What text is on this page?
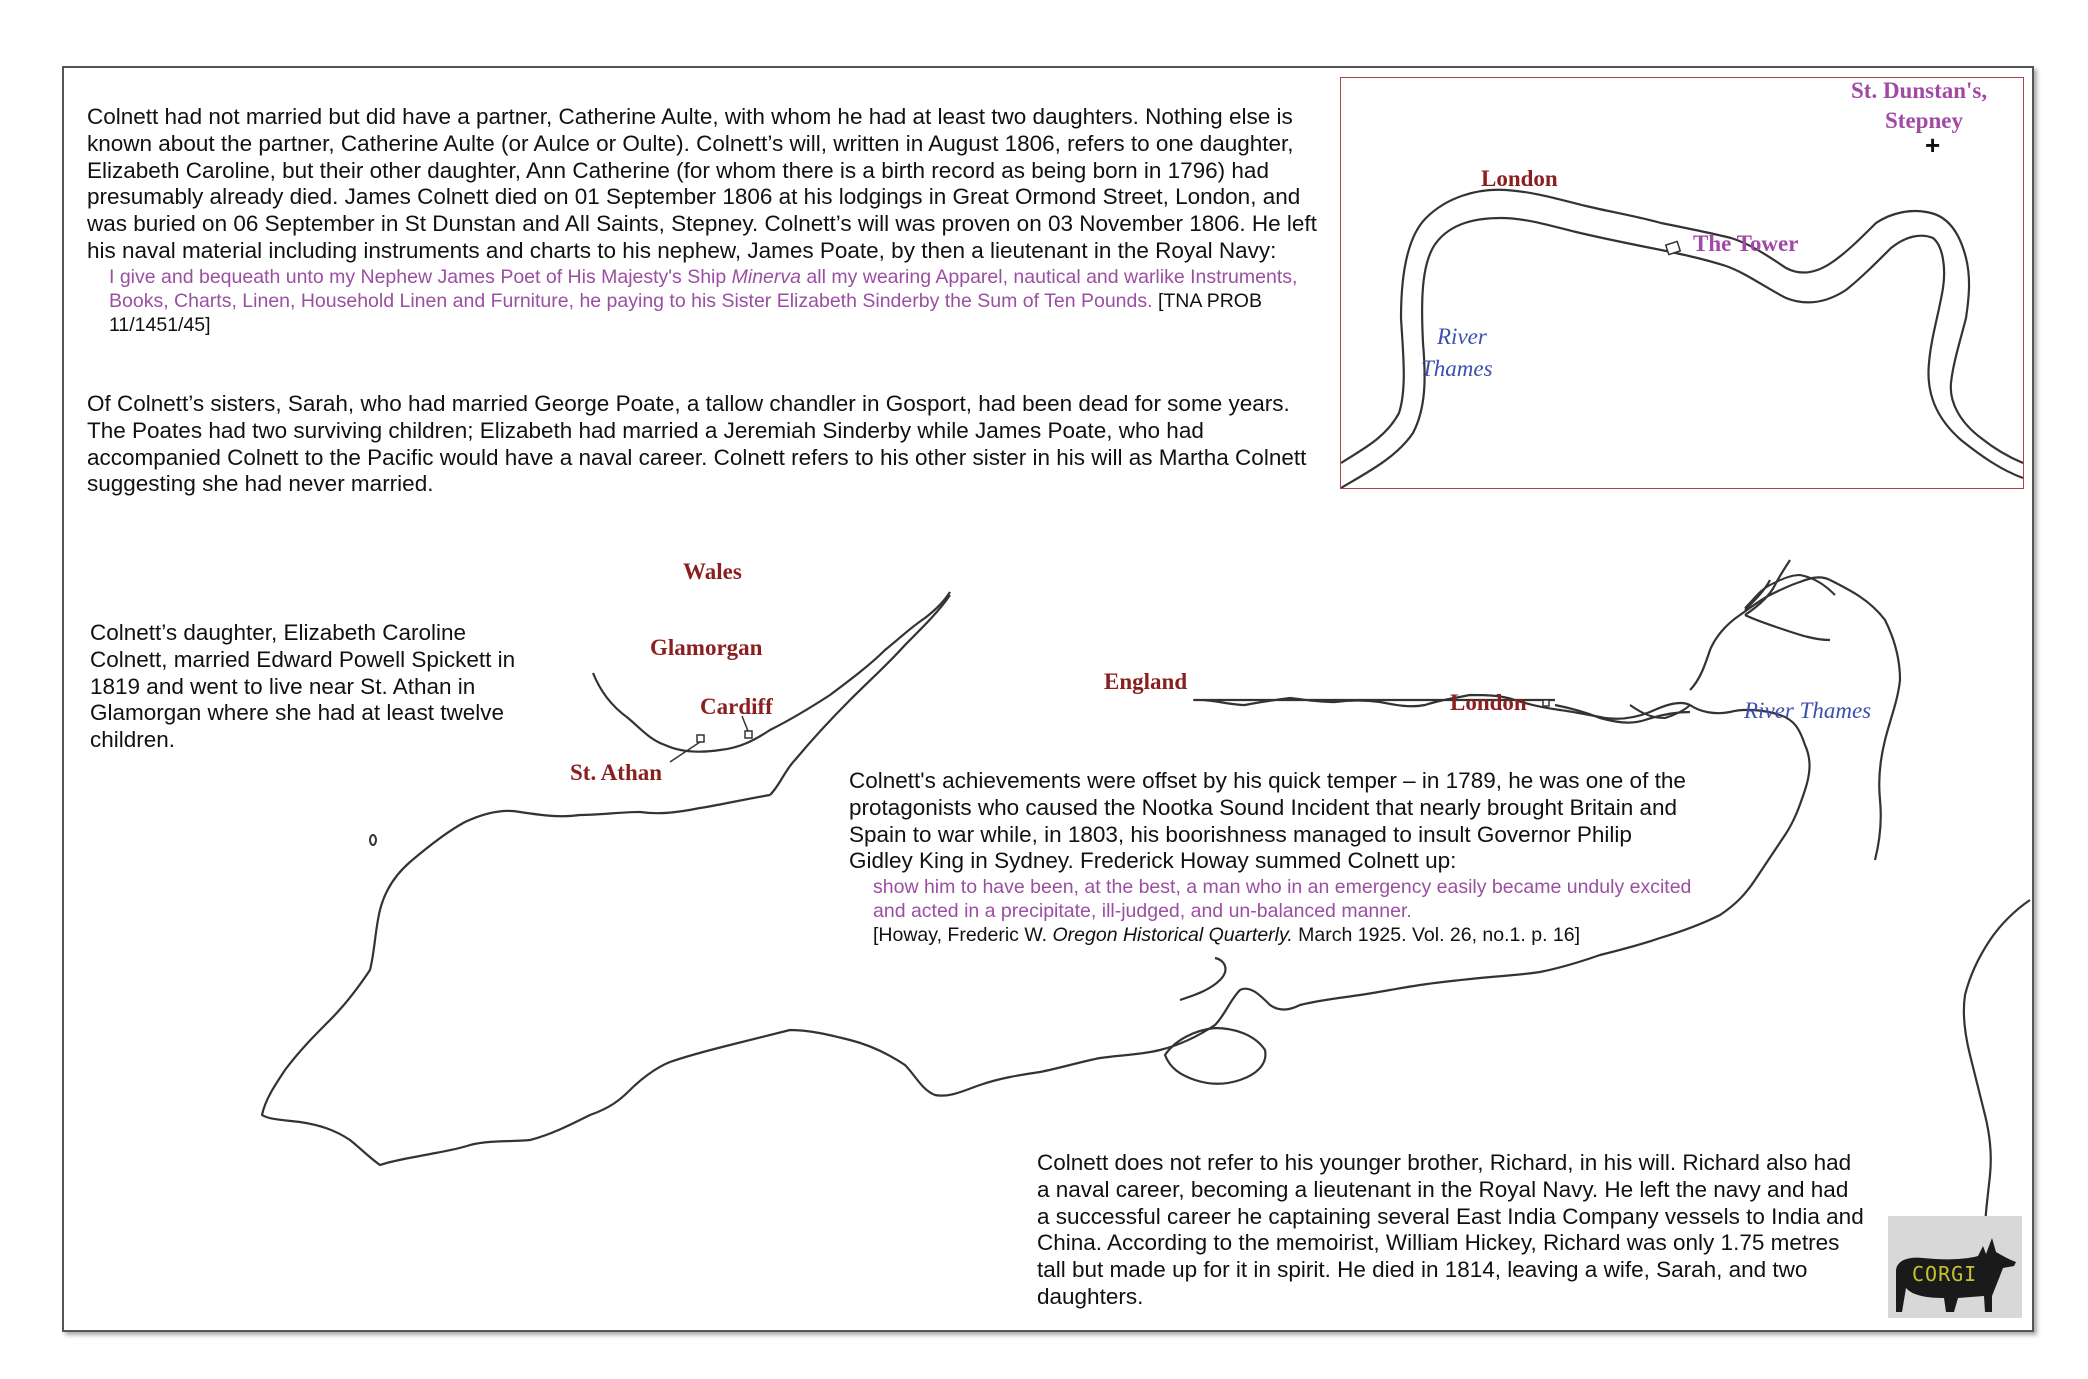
London
St. Dunstan's,
Stepney
+
The Tower
River
Thames
Wales
Glamorgan
Cardiff
St. Athan
England
London	River Thames
Colnett had not married but did have a partner, Catherine Aulte, with whom he had at least two daughters. Nothing else is known about the partner, Catherine Aulte (or Aulce or Oulte). Colnett’s will, written in August 1806, refers to one daughter, Elizabeth Caroline, but their other daughter, Ann Catherine (for whom there is a birth record as being born in 1796) had presumably already died. James Colnett died on 01 September 1806 at his lodgings in Great Ormond Street, London, and was buried on 06 September in St Dunstan and All Saints, Stepney. Colnett’s will was proven on 03 November 1806. He left his naval material including instruments and charts to his nephew, James Poate, by then a lieutenant in the Royal Navy:
I give and bequeath unto my Nephew James Poet of His Majesty's Ship Minerva all my wearing Apparel, nautical and warlike Instruments, Books, Charts, Linen, Household Linen and Furniture, he paying to his Sister Elizabeth Sinderby the Sum of Ten Pounds. [TNA PROB 11/1451/45]
Of Colnett’s sisters, Sarah, who had married George Poate, a tallow chandler in Gosport, had been dead for some years. The Poates had two surviving children; Elizabeth had married a Jeremiah Sinderby while James Poate, who had accompanied Colnett to the Pacific would have a naval career. Colnett refers to his other sister in his will as Martha Colnett suggesting she had never married.
Colnett’s daughter, Elizabeth Caroline Colnett, married Edward Powell Spickett in 1819 and went to live near St. Athan in Glamorgan where she had at least twelve children.
Colnett's achievements were offset by his quick temper – in 1789, he was one of the protagonists who caused the Nootka Sound Incident that nearly brought Britain and Spain to war while, in 1803, his boorishness managed to insult Governor Philip Gidley King in Sydney. Frederick Howay summed Colnett up:
show him to have been, at the best, a man who in an emergency easily became unduly excited and acted in a precipitate, ill-judged, and un-balanced manner.
[Howay, Frederic W. Oregon Historical Quarterly. March 1925. Vol. 26, no.1. p. 16]
Colnett does not refer to his younger brother, Richard, in his will. Richard also had a naval career, becoming a lieutenant in the Royal Navy. He left the navy and had a successful career he captaining several East India Company vessels to India and China. According to the memoirist, William Hickey, Richard was only 1.75 metres tall but made up for it in spirit. He died in 1814, leaving a wife, Sarah, and two daughters.
CORGI
